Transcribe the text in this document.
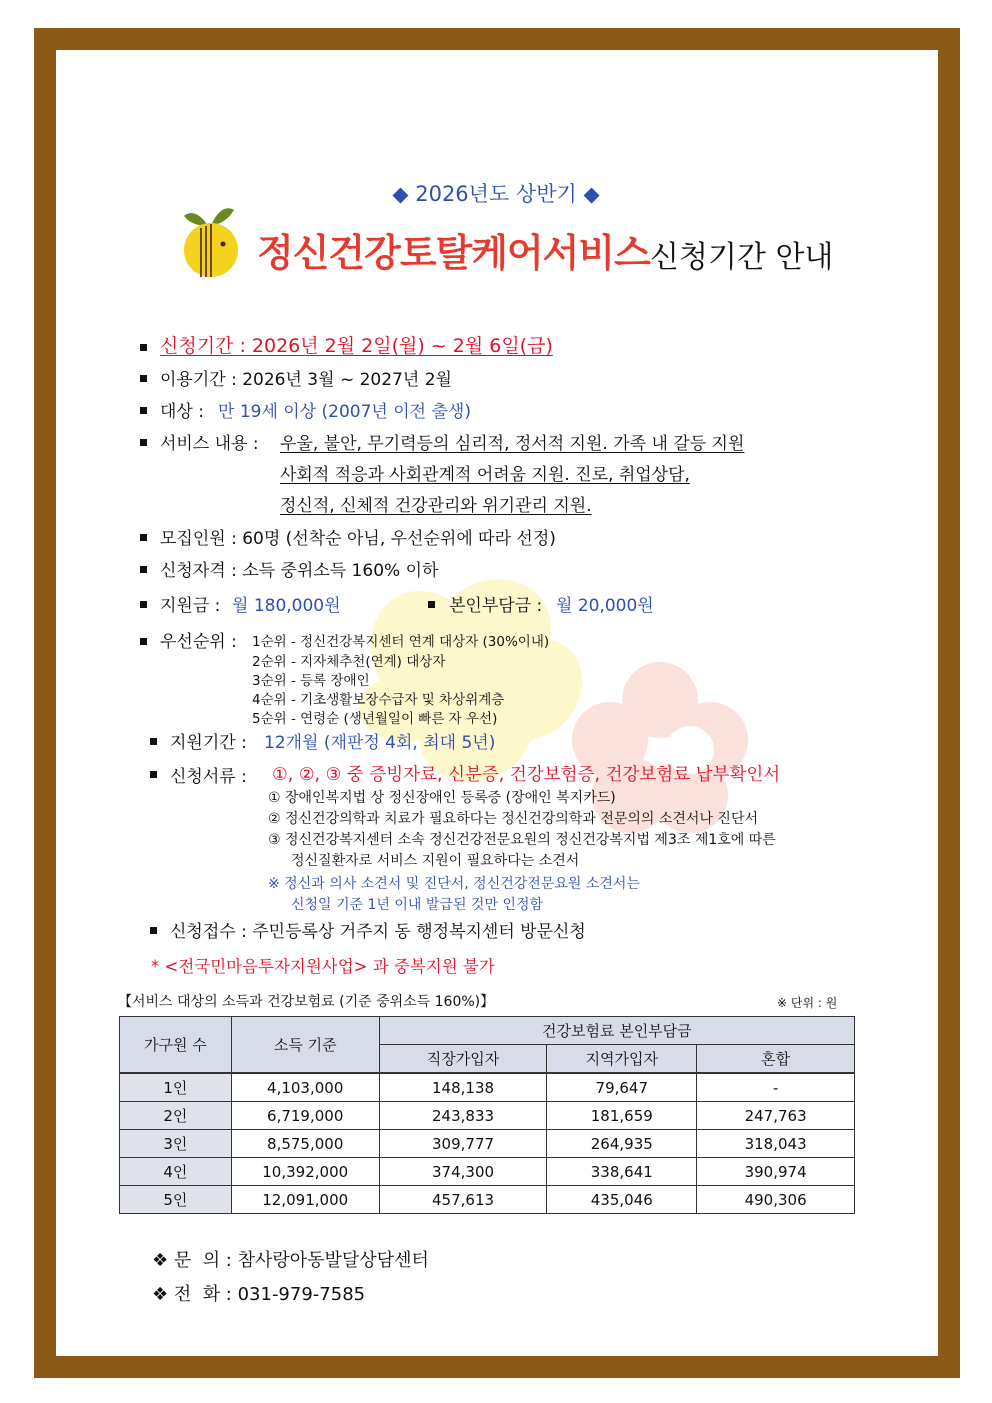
◆ 2026년도 상반기 ◆
정신건강토탈케어서비스 신청기간 안내
신청기간 : 2026년 2월 2일(월) ~ 2월 6일(금)
이용기간 : 2026년 3월 ~ 2027년 2월
대상 : 만 19세 이상 (2007년 이전 출생)
서비스 내용 : 우울, 불안, 무기력등의 심리적, 정서적 지원. 가족 내 갈등 지원
사회적 적응과 사회관계적 어려움 지원. 진로, 취업상담,
정신적, 신체적 건강관리와 위기관리 지원.
모집인원 : 60명 (선착순 아님, 우선순위에 따라 선정)
신청자격 : 소득 중위소득 160% 이하
지원금 : 월 180,000원	본인부담금 : 월 20,000원
우선순위 : 1순위 - 정신건강복지센터 연계 대상자 (30%이내)
2순위 - 지자체추천(연계) 대상자
3순위 - 등록 장애인
4순위 - 기초생활보장수급자 및 차상위계층
5순위 - 연령순 (생년월일이 빠른 자 우선)
지원기간 : 12개월 (재판정 4회, 최대 5년)
신청서류 : ①, ②, ③ 중 증빙자료, 신분증, 건강보험증, 건강보험료 납부확인서
① 장애인복지법 상 정신장애인 등록증 (장애인 복지카드)
② 정신건강의학과 치료가 필요하다는 정신건강의학과 전문의의 소견서나 진단서
③ 정신건강복지센터 소속 정신건강전문요원의 정신건강복지법 제3조 제1호에 따른
정신질환자로 서비스 지원이 필요하다는 소견서
※ 정신과 의사 소견서 및 진단서, 정신건강전문요원 소견서는
신청일 기준 1년 이내 발급된 것만 인정함
신청접수 : 주민등록상 거주지 동 행정복지센터 방문신청
* <전국민마음투자지원사업> 과 중복지원 불가
【서비스 대상의 소득과 건강보험료 (기준 중위소득 160%)】	※ 단위 : 원
가구원 수	소득 기준	건강보험료 본인부담금		
		직장가입자	지역가입자	혼합
1인	4,103,000	148,138	79,647	-
2인	6,719,000	243,833	181,659	247,763
3인	8,575,000	309,777	264,935	318,043
4인	10,392,000	374,300	338,641	390,974
5인	12,091,000	457,613	435,046	490,306
❖ 문  의 : 참사랑아동발달상담센터
❖ 전  화 : 031-979-7585
